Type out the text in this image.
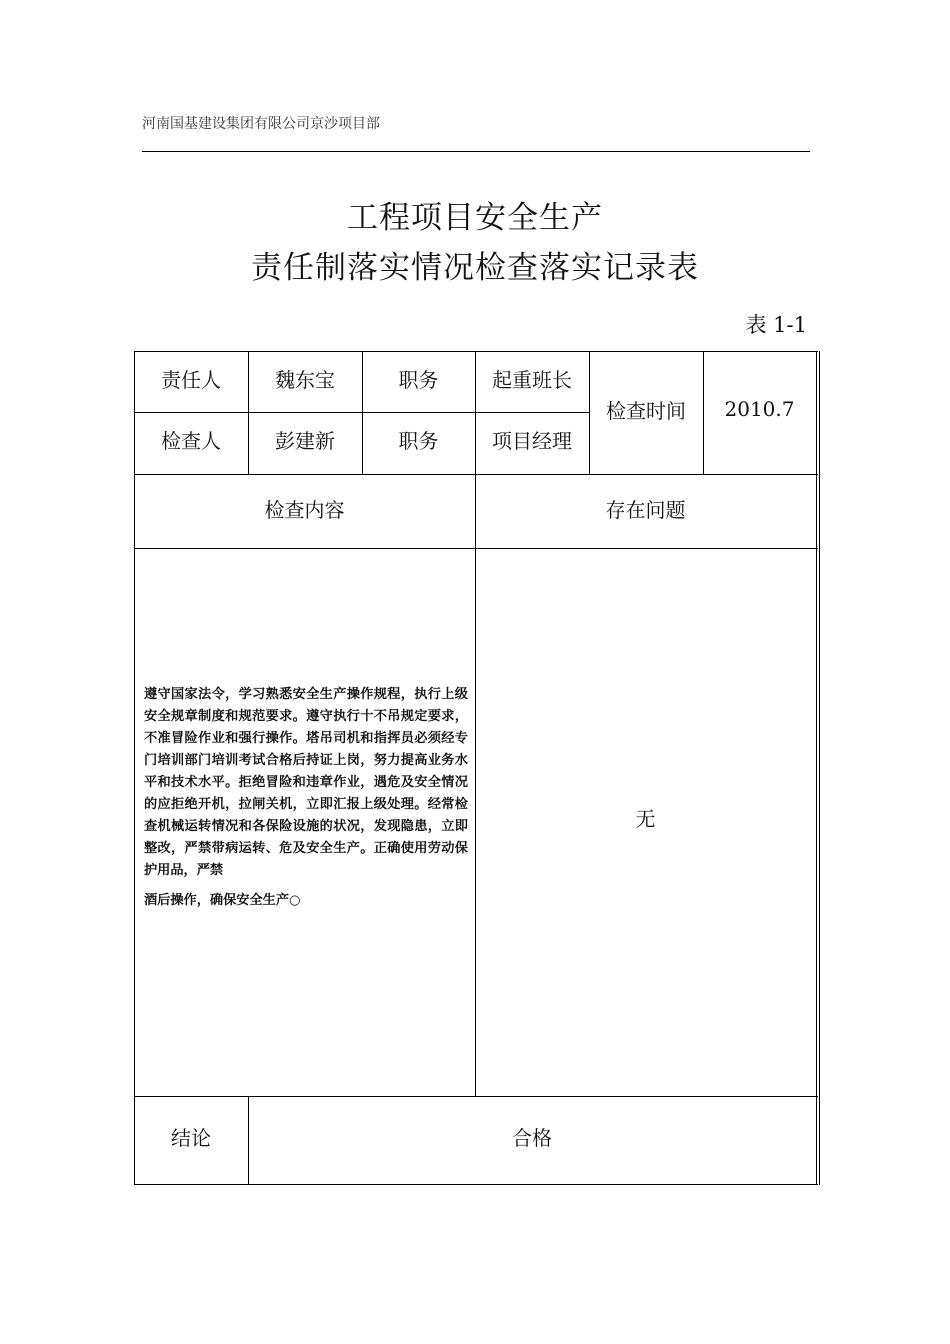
河南国基建设集团有限公司京沙项目部
工程项目安全生产
责任制落实情况检查落实记录表
表 1-1
责任人	魏东宝	职务	起重班长
检查人	彭建新	职务	项目经理
检查时间	2010.7
检查内容	存在问题
遵守国家法令，学习熟悉安全生产操作规程，执行上级安全规章制度和规范要求。遵守执行十不吊规定要求，不准冒险作业和强行操作。塔吊司机和指挥员必须经专门培训部门培训考试合格后持证上岗，努力提高业务水平和技术水平。拒绝冒险和违章作业，遇危及安全情况的应拒绝开机，拉闸关机，立即汇报上级处理。经常检查机械运转情况和各保险设施的状况，发现隐患，立即整改，严禁带病运转、危及安全生产。正确使用劳动保护用品，严禁
酒后操作，确保安全生产○
无
结论	合格
